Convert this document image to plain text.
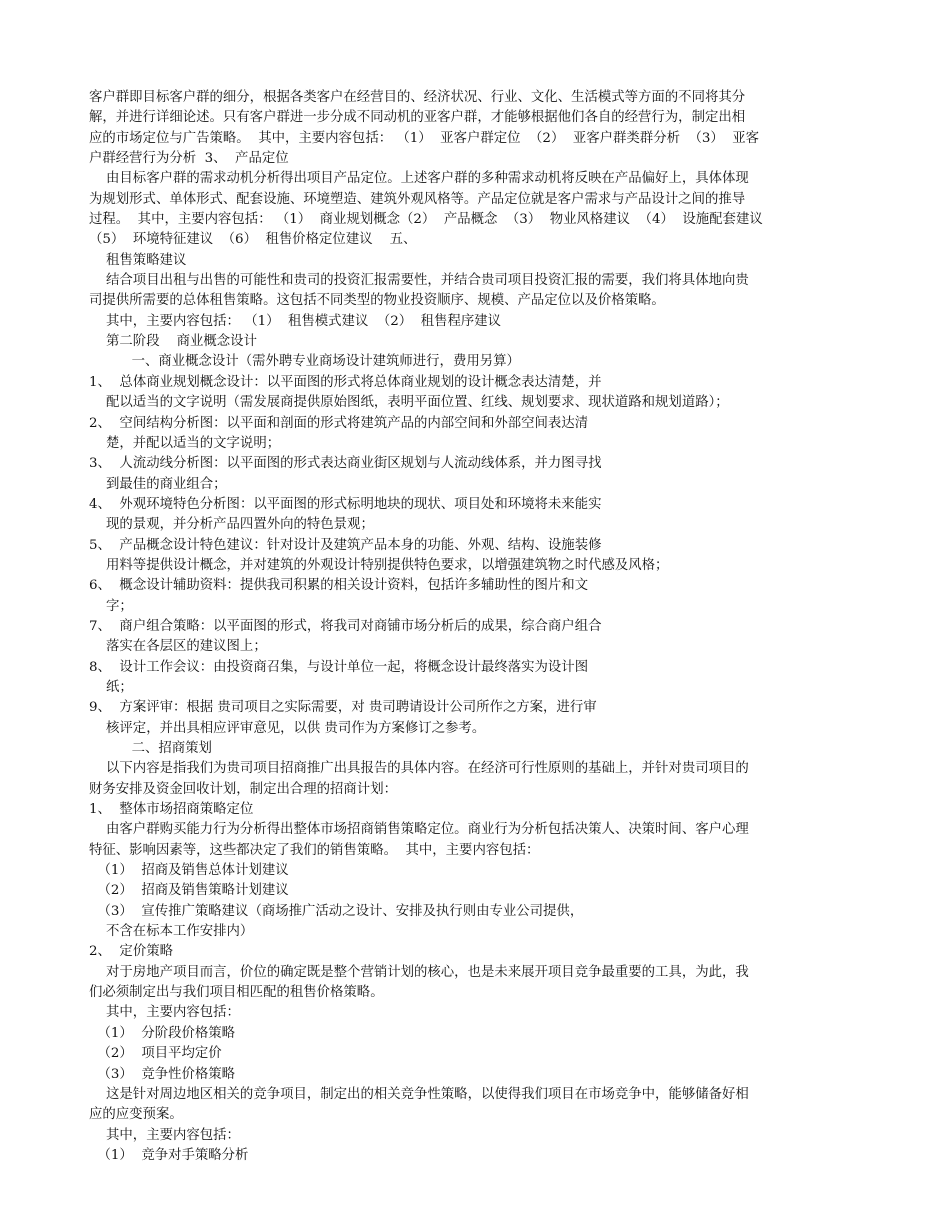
客户群即目标客户群的细分，根据各类客户在经营目的、经济状况、行业、文化、生活模式等方面的不同将其分
解，并进行详细论述。只有客户群进一步分成不同动机的亚客户群，才能够根据他们各自的经营行为，制定出相
应的市场定位与广告策略。  其中，主要内容包括： （1）  亚客户群定位  （2）  亚客户群类群分析  （3）  亚客
户群经营行为分析  3、  产品定位
由目标客户群的需求动机分析得出项目产品定位。上述客户群的多种需求动机将反映在产品偏好上，具体体现
为规划形式、单体形式、配套设施、环境塑造、建筑外观风格等。产品定位就是客户需求与产品设计之间的推导
过程。  其中，主要内容包括： （1）  商业规划概念（2）  产品概念  （3）  物业风格建议  （4）  设施配套建议
（5）  环境特征建议  （6）  租售价格定位建议    五、
租售策略建议
结合项目出租与出售的可能性和贵司的投资汇报需要性，并结合贵司项目投资汇报的需要，我们将具体地向贵
司提供所需要的总体租售策略。这包括不同类型的物业投资顺序、规模、产品定位以及价格策略。
其中，主要内容包括： （1）  租售模式建议  （2）  租售程序建议
第二阶段    商业概念设计
一、商业概念设计（需外聘专业商场设计建筑师进行，费用另算）
1、  总体商业规划概念设计：以平面图的形式将总体商业规划的设计概念表达清楚，并
配以适当的文字说明（需发展商提供原始图纸，表明平面位置、红线、规划要求、现状道路和规划道路）；
2、  空间结构分析图：以平面和剖面的形式将建筑产品的内部空间和外部空间表达清
楚，并配以适当的文字说明；
3、  人流动线分析图：以平面图的形式表达商业街区规划与人流动线体系，并力图寻找
到最佳的商业组合；
4、  外观环境特色分析图：以平面图的形式标明地块的现状、项目处和环境将未来能实
现的景观，并分析产品四置外向的特色景观；
5、  产品概念设计特色建议：针对设计及建筑产品本身的功能、外观、结构、设施装修
用料等提供设计概念，并对建筑的外观设计特别提供特色要求，以增强建筑物之时代感及风格；
6、  概念设计辅助资料：提供我司积累的相关设计资料，包括许多辅助性的图片和文
字；
7、  商户组合策略：以平面图的形式，将我司对商铺市场分析后的成果，综合商户组合
落实在各层区的建议图上；
8、  设计工作会议：由投资商召集，与设计单位一起，将概念设计最终落实为设计图
纸；
9、  方案评审：根据 贵司项目之实际需要，对 贵司聘请设计公司所作之方案，进行审
核评定，并出具相应评审意见，以供 贵司作为方案修订之参考。
二、招商策划
以下内容是指我们为贵司项目招商推广出具报告的具体内容。在经济可行性原则的基础上，并针对贵司项目的
财务安排及资金回收计划，制定出合理的招商计划：
1、  整体市场招商策略定位
由客户群购买能力行为分析得出整体市场招商销售策略定位。商业行为分析包括决策人、决策时间、客户心理
特征、影响因素等，这些都决定了我们的销售策略。  其中，主要内容包括：
（1）  招商及销售总体计划建议
（2）  招商及销售策略计划建议
（3）  宣传推广策略建议（商场推广活动之设计、安排及执行则由专业公司提供，
不含在标本工作安排内）
2、  定价策略
对于房地产项目而言，价位的确定既是整个营销计划的核心，也是未来展开项目竞争最重要的工具，为此，我
们必须制定出与我们项目相匹配的租售价格策略。
其中，主要内容包括：
（1）  分阶段价格策略
（2）  项目平均定价
（3）  竞争性价格策略
这是针对周边地区相关的竞争项目，制定出的相关竞争性策略，以使得我们项目在市场竞争中，能够储备好相
应的应变预案。
其中，主要内容包括：
（1）  竞争对手策略分析
